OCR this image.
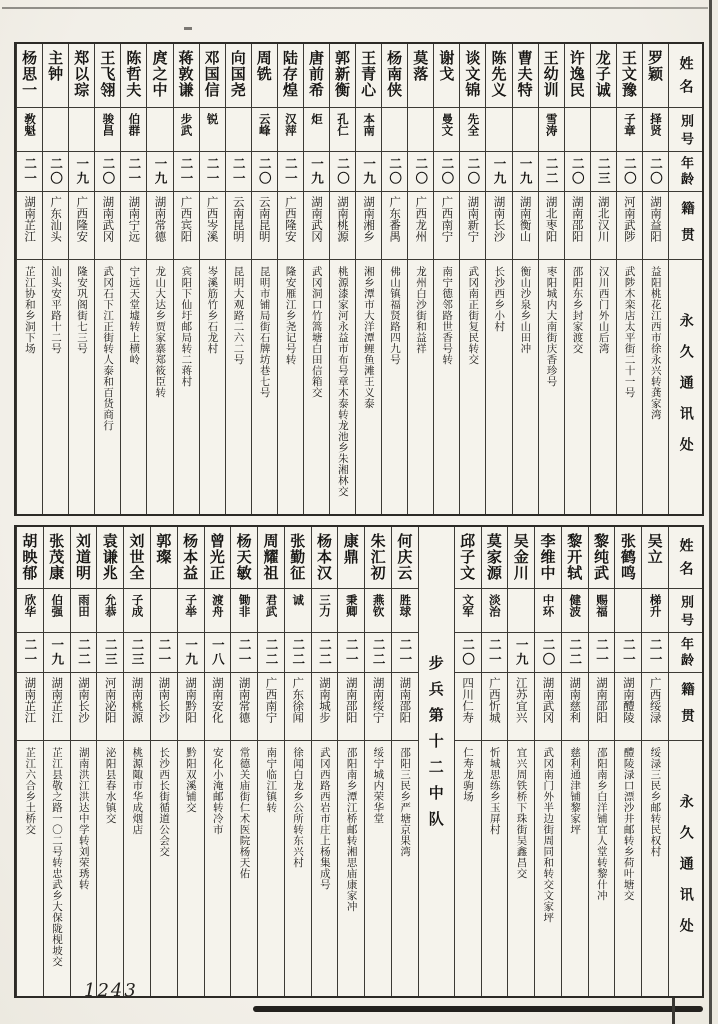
姓名
別号
年龄
籍贯
永久通讯处
罗颖
择贤
二〇
湖南益阳
益阳桃花江西市徐永兴转龚家湾
王文豫
子章
二〇
河南武陟
武陟木栾店太平街二十一号
龙子诚
二三
湖北汉川
汉川西门外山后湾
许逸民
二〇
湖南邵阳
邵阳东乡封家渡交
王幼训
雪涛
二二
湖北枣阳
枣阳城内大南街庆香珍号
曹夫特
一九
湖南衡山
衡山沙泉乡山田冲
陈先义
一九
湖南长沙
长沙西乡小村
谈文锦
先全
二〇
湖南新宁
武冈南正街复民转交
谢戈
曼文
二〇
广西南宁
南宁德邻路世香号转
莫落
二〇
广西龙州
龙州白沙街和益祥
杨南侠
二〇
广东番禺
佛山镇福贤路四九号
王青心
本南
一九
湖南湘乡
湘乡潭市大洋潭鲤鱼滩王义泰
郭新衡
孔仁
二〇
湖南桃源
桃源漆家河永益市布号章木泰转龙池乡朱湘林交
唐前希
炬
一九
湖南武冈
武冈洞口竹篙塘白田信箱交
陆存煌
汉萍
二一
广西隆安
隆安雁江乡尧记号转
周铣
云峰
二〇
云南昆明
昆明市铺局街石牌坊巷七号
向国尧
二一
云南昆明
昆明大观路二六二号
邓国信
锐
二一
广西岑溪
岑溪筋竹乡石龙村
蒋敦谦
步武
二一
广西宾阳
宾阳下仙圩邮局转二蒋村
庹之中
一九
湖南常德
龙山大达乡贾家寨郑筱臣转
陈哲夫
伯群
二一
湖南宁远
宁远天堂墟转上横岭
王飞翎
骏昌
二〇
湖南武冈
武冈石下江正街转人泰和百货商行
郑以琮
一九
广西隆安
隆安巩阁街七三号
主钟
二〇
广东汕头
汕头安平路十二号
杨思一
敎魁
二一
湖南芷江
芷江协和乡洞下场
姓名
別号
年龄
籍贯
永久通讯处
吴立
梯升
二一
广西绥渌
绥渌三民乡邮转民权村
张鹤鸣
二一
湖南醴陵
醴陵渌口漂沙井邮转乡荷叶塘交
黎纯武
赐福
二一
湖南邵阳
邵阳南乡白洋铺宜人堂转黎什冲
黎开轼
健波
二二
湖南慈利
慈利通津铺黎家坪
李维中
中环
二〇
湖南武冈
武冈南门外半边街周同和转交文家坪
吴金川
一九
江苏宜兴
宜兴周铁桥下珠街吴鑫昌交
莫家源
淡治
二一
广西忻城
忻城思练乡玉屏村
邱子文
文军
二〇
四川仁寿
仁寿龙驹场
步兵第十二中队
何庆云
胜球
二一
湖南邵阳
邵阳三民乡严塘京果湾
朱汇初
燕钦
二二
湖南绥宁
绥宁城内荣华堂
康鼎
秉卿
二一
湖南邵阳
邵阳南乡潭江桥邮转湘思庙康家冲
杨本汉
三力
二二
湖南城步
武冈西路西岩市庄上杨集成号
张勤征
诚
二二
广东徐闻
徐闻白龙乡公所转东兴村
周耀祖
君武
二二
广西南宁
南宁临江镇转
杨天敏
锄非
二一
湖南常德
常德关庙街仁术医院杨天佑
曾光正
渡舟
一八
湖南安化
安化小淹邮转冷市
杨本益
子举
一九
湖南黔阳
黔阳双溪铺交
郭璨
二一
湖南长沙
长沙西长街循道公会交
刘世全
子成
二三
湖南桃源
桃源陬市华成烟店
袁谦兆
允恭
二三
河南泌阳
泌阳县春水镇交
刘道明
雨田
二二
湖南长沙
湖南洪江洪达中学转刘荣琇转
张茂康
伯强
一九
湖南芷江
芷江县敬之路一〇二号转忠武乡大保陇枧坡交
胡映郁
欣华
二一
湖南芷江
芷江六合乡土桥交
1243
